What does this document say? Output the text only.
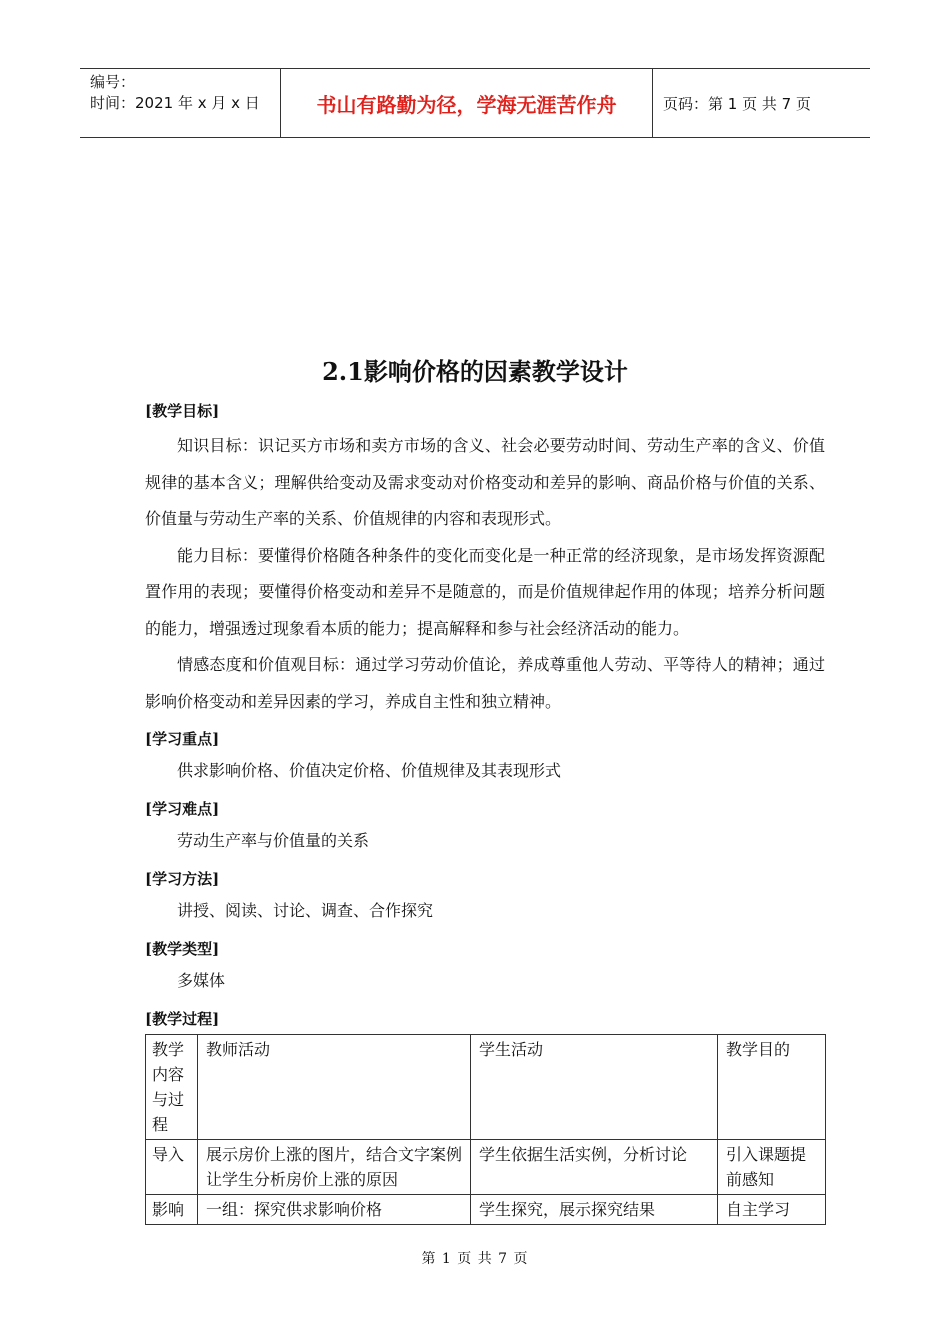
编号：
时间：2021 年 x 月 x 日	书山有路勤为径，学海无涯苦作舟	页码：第 1 页 共 7 页
2.1影响价格的因素教学设计
[教学目标]

知识目标：识记买方市场和卖方市场的含义、社会必要劳动时间、劳动生产率的含义、价值规律的基本含义；理解供给变动及需求变动对价格变动和差异的影响、商品价格与价值的关系、价值量与劳动生产率的关系、价值规律的内容和表现形式。

能力目标：要懂得价格随各种条件的变化而变化是一种正常的经济现象，是市场发挥资源配置作用的表现；要懂得价格变动和差异不是随意的，而是价值规律起作用的体现；培养分析问题的能力，增强透过现象看本质的能力；提高解释和参与社会经济活动的能力。

情感态度和价值观目标：通过学习劳动价值论，养成尊重他人劳动、平等待人的精神；通过影响价格变动和差异因素的学习，养成自主性和独立精神。

[学习重点]
供求影响价格、价值决定价格、价值规律及其表现形式
[学习难点]
劳动生产率与价值量的关系
[学习方法]
讲授、阅读、讨论、调查、合作探究
[教学类型]
多媒体
[教学过程]
教学内容与过程	教师活动	学生活动	教学目的
导入	展示房价上涨的图片，结合文字案例让学生分析房价上涨的原因	学生依据生活实例，分析讨论	引入课题提前感知
影响	一组：探究供求影响价格	学生探究，展示探究结果	自主学习
第 1 页 共 7 页
